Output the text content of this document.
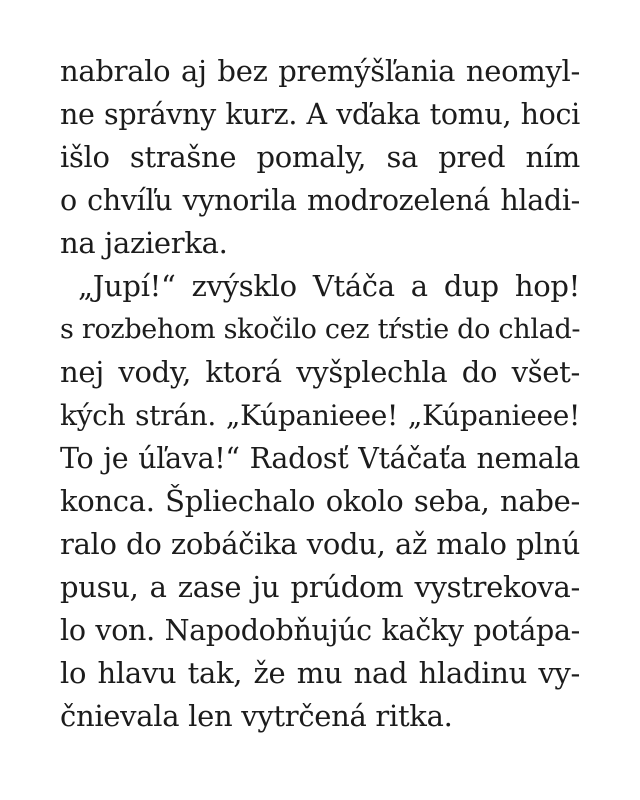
nabralo aj bez premýšľania neomyl-
ne správny kurz. A vďaka tomu, hoci
išlo strašne pomaly, sa pred ním
o chvíľu vynorila modrozelená hladi-
na jazierka.
„Jupí!“ zvýsklo Vtáča a dup hop!
s rozbehom skočilo cez tŕstie do chlad-
nej vody, ktorá vyšplechla do všet-
kých strán. „Kúpanieee! „Kúpanieee!
To je úľava!“ Radosť Vtáčaťa nemala
konca. Špliechalo okolo seba, nabe-
ralo do zobáčika vodu, až malo plnú
pusu, a zase ju prúdom vystrekova-
lo von. Napodobňujúc kačky potápa-
lo hlavu tak, že mu nad hladinu vy-
čnievala len vytrčená ritka.
